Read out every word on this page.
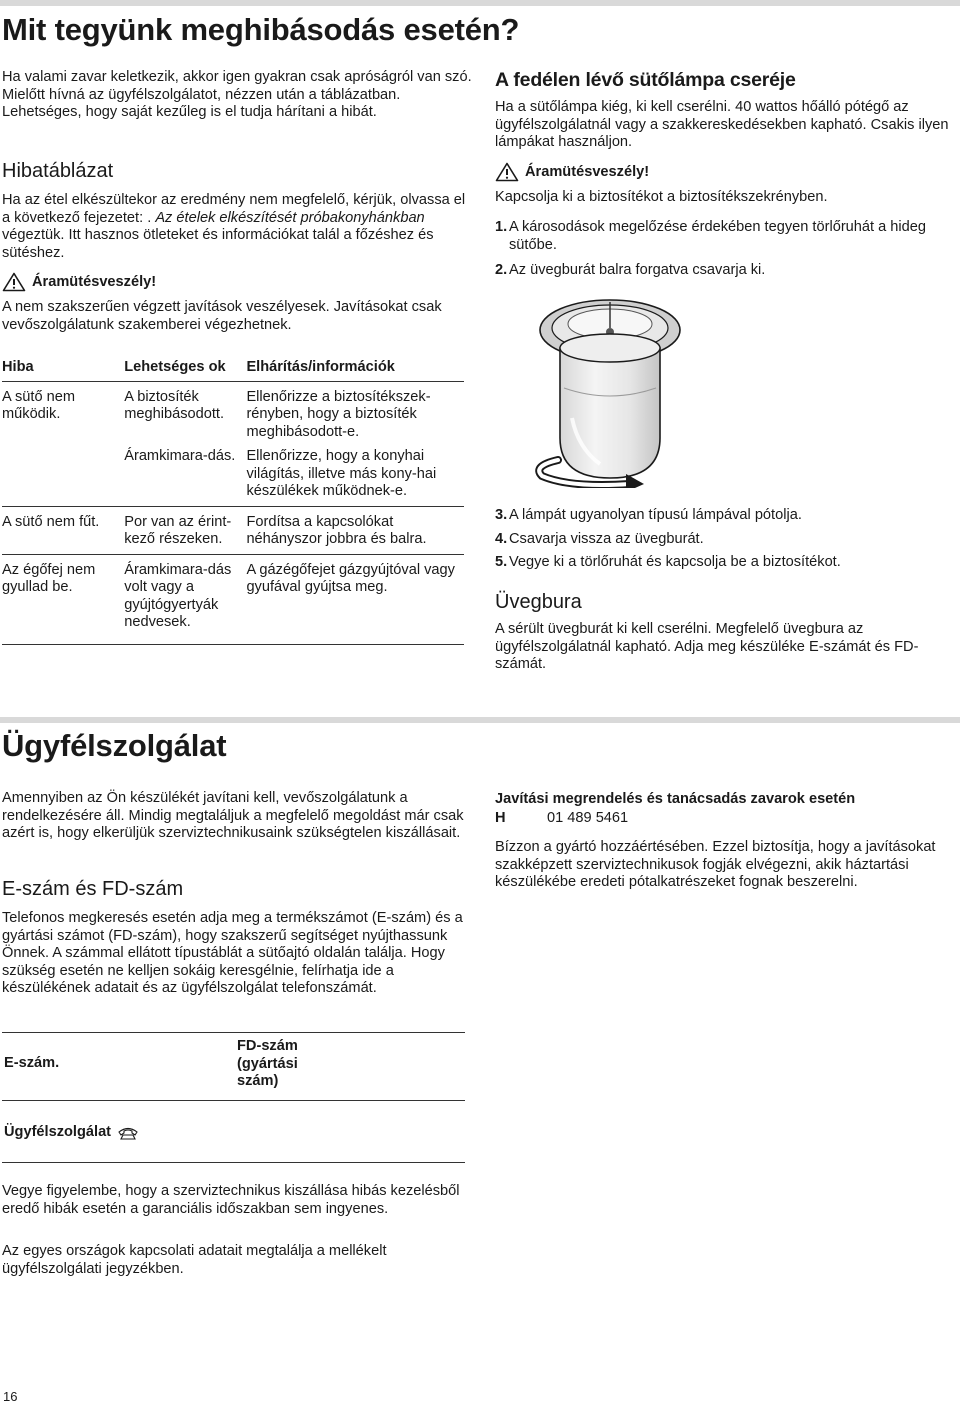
Mit tegyünk meghibásodás esetén?

Ha valami zavar keletkezik, akkor igen gyakran csak apróságról van szó. Mielőtt hívná az ügyfélszolgálatot, nézzen után a táblázatban. Lehetséges, hogy saját kezűleg is el tudja hárítani a hibát.

Hibatáblázat

Ha az étel elkészültekor az eredmény nem megfelelő, kérjük, olvassa el a következő fejezetet: . Az ételek elkészítését próbakonyhánkban végeztük. Itt hasznos ötleteket és információkat talál a főzéshez és sütéshez.

Áramütésveszély!

A nem szakszerűen végzett javítások veszélyesek. Javításokat csak vevőszolgálatunk szakemberei végezhetnek.

Hiba	Lehetséges ok	Elhárítás/információk
A sütő nem működik.	A biztosíték meghibásodott.	Ellenőrizze a biztosítékszek-rényben, hogy a biztosíték meghibásodott-e.
	Áramkimara-dás.	Ellenőrizze, hogy a konyhai világítás, illetve más kony-hai készülékek működnek-e.
A sütő nem fűt.	Por van az érint-kező részeken.	Fordítsa a kapcsolókat néhányszor jobbra és balra.
Az égőfej nem gyullad be.	Áramkimara-dás volt vagy a gyújtógyertyák nedvesek.	A gázégőfejet gázgyújtóval vagy gyufával gyújtsa meg.
A fedélen lévő sütőlámpa cseréje

Ha a sütőlámpa kiég, ki kell cserélni. 40 wattos hőálló pótégő az ügyfélszolgálatnál vagy a szakkereskedésekben kapható. Csakis ilyen lámpákat használjon.

Áramütésveszély!

Kapcsolja ki a biztosítékot a biztosítékszekrényben.

1. A károsodások megelőzése érdekében tegyen törlőruhát a hideg sütőbe.
2. Az üvegburát balra forgatva csavarja ki.
3. A lámpát ugyanolyan típusú lámpával pótolja.
4. Csavarja vissza az üvegburát.
5. Vegye ki a törlőruhát és kapcsolja be a biztosítékot.
Üvegbura

A sérült üvegburát ki kell cserélni. Megfelelő üvegbura az ügyfélszolgálatnál kapható. Adja meg készüléke E-számát és FD-számát.

Ügyfélszolgálat

Amennyiben az Ön készülékét javítani kell, vevőszolgálatunk a rendelkezésére áll. Mindig megtaláljuk a megfelelő megoldást már csak azért is, hogy elkerüljük szerviztechnikusaink szükségtelen kiszállásait.

E-szám és FD-szám

Telefonos megkeresés esetén adja meg a termékszámot (E-szám) és a gyártási számot (FD-szám), hogy szakszerű segítséget nyújthassunk Önnek. A számmal ellátott típustáblát a sütőajtó oldalán találja. Hogy szükség esetén ne kelljen sokáig keresgélnie, felírhatja ide a készülékének adatait és az ügyfélszolgálat telefonszámát.

E-szám.
FD-szám
(gyártási
szám)
Ügyfélszolgálat

Vegye figyelembe, hogy a szerviztechnikus kiszállása hibás kezelésből eredő hibák esetén a garanciális időszakban sem ingyenes.

Az egyes országok kapcsolati adatait megtalálja a mellékelt ügyfélszolgálati jegyzékben.

Javítási megrendelés és tanácsadás zavarok esetén
H	01 489 5461

Bízzon a gyártó hozzáértésében. Ezzel biztosítja, hogy a javításokat szakképzett szerviztechnikusok fogják elvégezni, akik háztartási készülékébe eredeti pótalkatrészeket fognak beszerelni.

16
